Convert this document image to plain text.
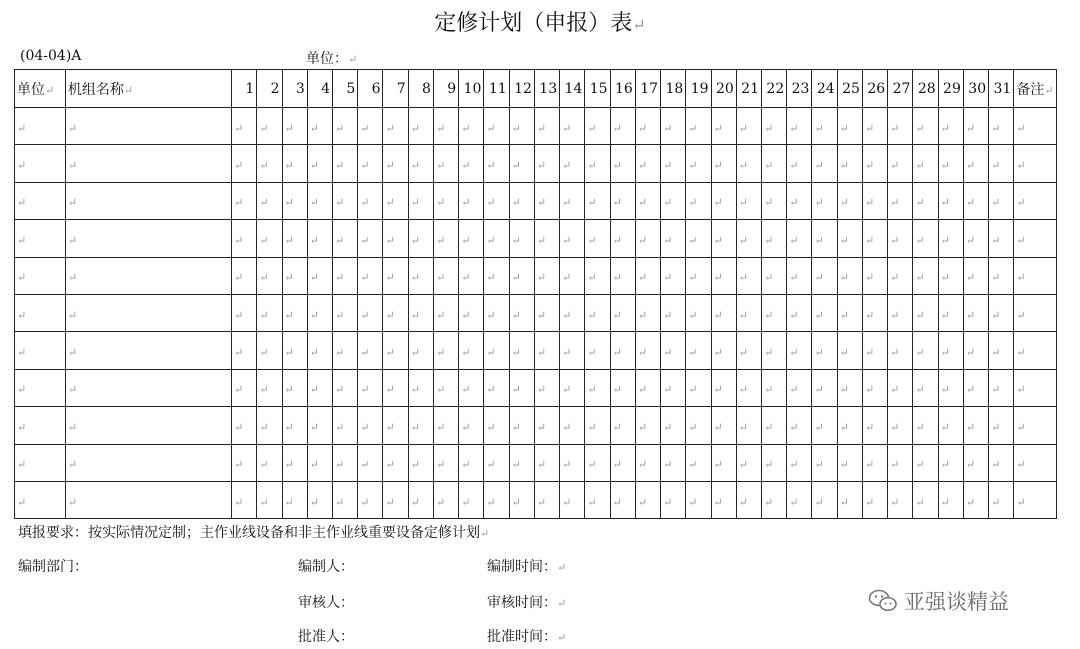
定修计划（申报）表↵
(04-04)A	单位：↵
单位↵	机组名称↵	1	2	3	4	5	6	7	8	9	10	11	12	13	14	15	16	17	18	19	20	21	22	23	24	25	26	27	28	29	30	31	备注↵
↵	↵	↵	↵	↵	↵	↵	↵	↵	↵	↵	↵	↵	↵	↵	↵	↵	↵	↵	↵	↵	↵	↵	↵	↵	↵	↵	↵	↵	↵	↵	↵	↵	↵
↵	↵	↵	↵	↵	↵	↵	↵	↵	↵	↵	↵	↵	↵	↵	↵	↵	↵	↵	↵	↵	↵	↵	↵	↵	↵	↵	↵	↵	↵	↵	↵	↵	↵
↵	↵	↵	↵	↵	↵	↵	↵	↵	↵	↵	↵	↵	↵	↵	↵	↵	↵	↵	↵	↵	↵	↵	↵	↵	↵	↵	↵	↵	↵	↵	↵	↵	↵
↵	↵	↵	↵	↵	↵	↵	↵	↵	↵	↵	↵	↵	↵	↵	↵	↵	↵	↵	↵	↵	↵	↵	↵	↵	↵	↵	↵	↵	↵	↵	↵	↵	↵
↵	↵	↵	↵	↵	↵	↵	↵	↵	↵	↵	↵	↵	↵	↵	↵	↵	↵	↵	↵	↵	↵	↵	↵	↵	↵	↵	↵	↵	↵	↵	↵	↵	↵
↵	↵	↵	↵	↵	↵	↵	↵	↵	↵	↵	↵	↵	↵	↵	↵	↵	↵	↵	↵	↵	↵	↵	↵	↵	↵	↵	↵	↵	↵	↵	↵	↵	↵
↵	↵	↵	↵	↵	↵	↵	↵	↵	↵	↵	↵	↵	↵	↵	↵	↵	↵	↵	↵	↵	↵	↵	↵	↵	↵	↵	↵	↵	↵	↵	↵	↵	↵
↵	↵	↵	↵	↵	↵	↵	↵	↵	↵	↵	↵	↵	↵	↵	↵	↵	↵	↵	↵	↵	↵	↵	↵	↵	↵	↵	↵	↵	↵	↵	↵	↵	↵
↵	↵	↵	↵	↵	↵	↵	↵	↵	↵	↵	↵	↵	↵	↵	↵	↵	↵	↵	↵	↵	↵	↵	↵	↵	↵	↵	↵	↵	↵	↵	↵	↵	↵
↵	↵	↵	↵	↵	↵	↵	↵	↵	↵	↵	↵	↵	↵	↵	↵	↵	↵	↵	↵	↵	↵	↵	↵	↵	↵	↵	↵	↵	↵	↵	↵	↵	↵
↵	↵	↵	↵	↵	↵	↵	↵	↵	↵	↵	↵	↵	↵	↵	↵	↵	↵	↵	↵	↵	↵	↵	↵	↵	↵	↵	↵	↵	↵	↵	↵	↵	↵
填报要求：按实际情况定制；主作业线设备和非主作业线重要设备定修计划↵
编制部门：	编制人：	编制时间：↵
审核人：	审核时间：↵
批准人：	批准时间：↵
亚强谈精益
